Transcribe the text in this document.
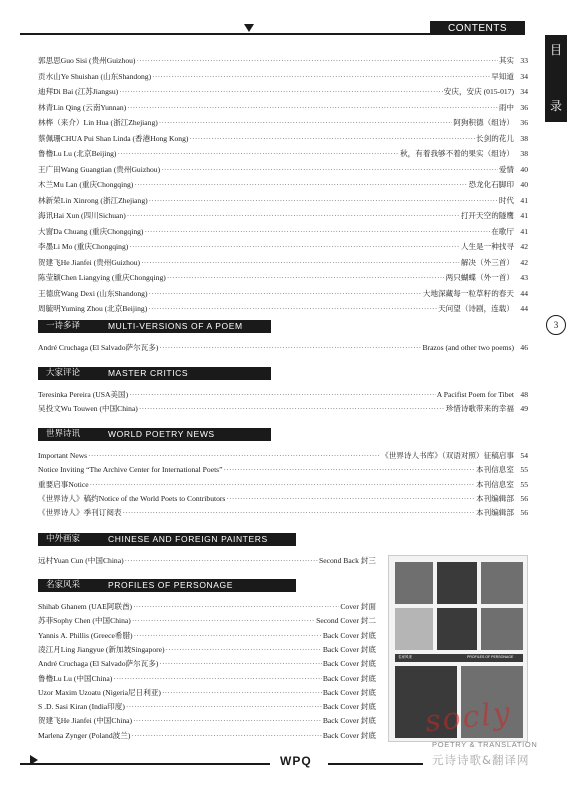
CONTENTS
目
录
3
郭思思Guo Sisi (贵州Guizhou) ·····	其实 33
贡水山Ye Shuishan (山东Shandong) ·····	早知道 34
迪拜Di Bai (江苏Jiangsu) ·····	安庆，安庆 (015-017) 34
林青Lin Qing (云南Yunnan) ·····	雨中 36
林桦（来介）Lin Hua (浙江Zhejiang) ·····	阿狗积德（组诗） 36
蔡佩珊CHUA Pui Shan Linda (香港Hong Kong) ·····	长剑的花儿 38
鲁橹Lu Lu (北京Beijing) ·····	秋，有着我够不着的果实（组诗） 38
王广田Wang Guangtian (贵州Guizhou) ·····	爱情 40
木兰Mu Lan (重庆Chongqing) ·····	恐龙化石脚印 40
林新荣Lin Xinrong (浙江Zhejiang) ·····	时代 41
海讯Hai Xun (四川Sichuan) ·····	打开天空的隧鹰 41
大窗Da Chuang (重庆Chongqing) ·····	在歌厅 41
李墨Li Mo (重庆Chongqing) ·····	人生是一种找寻 42
贺建飞He Jianfei (贵州Guizhou) ·····	解决（外三首） 42
陈莹颖Chen Liangying (重庆Chongqing) ·····	两只蝴蝶（外一首） 43
王德庶Wang Dexi (山东Shandong) ·····	大地深藏每一粒草籽的春天 44
周毓明Yuming Zhou (北京Beijing) ·····	天问望（诗剧，连载） 44
一诗多译	MULTI-VERSIONS OF A POEM
André Cruchaga (El Salvado萨尔瓦多) ·····	Brazos (and other two poems) 46
大家评论	MASTER CRITICS
Teresinka Pereira (USA美国) ·····	A Pacifist Poem for Tibet 48
吴投文Wu Touwen (中国China) ·····	珍惜诗歌带来的幸福 49
世界诗讯	WORLD POETRY NEWS
Important News ·····	《世界诗人书库》（双语对照）征稿启事 54
Notice Inviting “The Archive Center for International Poets” ·····	本刊信息室 55
重要启事Notice ·····	本刊信息室 55
《世界诗人》稿约Notice of the World Poets to Contributors ·····	本刊编辑部 56
《世界诗人》季刊订阅表 ·····	本刊编辑部 56
中外画家	CHINESE AND FOREIGN PAINTERS
远村Yuan Cun (中国China) ·····	Second Back 封三
名家风采	PROFILES OF PERSONAGE
Shihab Ghanem (UAE阿联酋) ·····	Cover 封面
苏菲Sophy Chen (中国China) ·····	Second Cover 封二
Yannis A. Phillis (Greece希腊) ·····	Back Cover 封底
凌江月Ling Jiangyue (新加坡Singapore) ·····	Back Cover 封底
André Cruchaga (El Salvado萨尔瓦多) ·····	Back Cover 封底
鲁橹Lu Lu (中国China) ·····	Back Cover 封底
Uzor Maxim Uzoatu (Nigeria尼日利亚) ·····	Back Cover 封底
S .D. Sasi Kiran (India印度) ·····	Back Cover 封底
贺建飞He Jianfei (中国China) ·····	Back Cover 封底
Marlena Zynger (Poland波兰) ·····	Back Cover 封底
名家风采	PROFILES OF PERSONAGE
socly
POETRY & TRANSLATION
元诗诗歌&翻译网
WPQ
